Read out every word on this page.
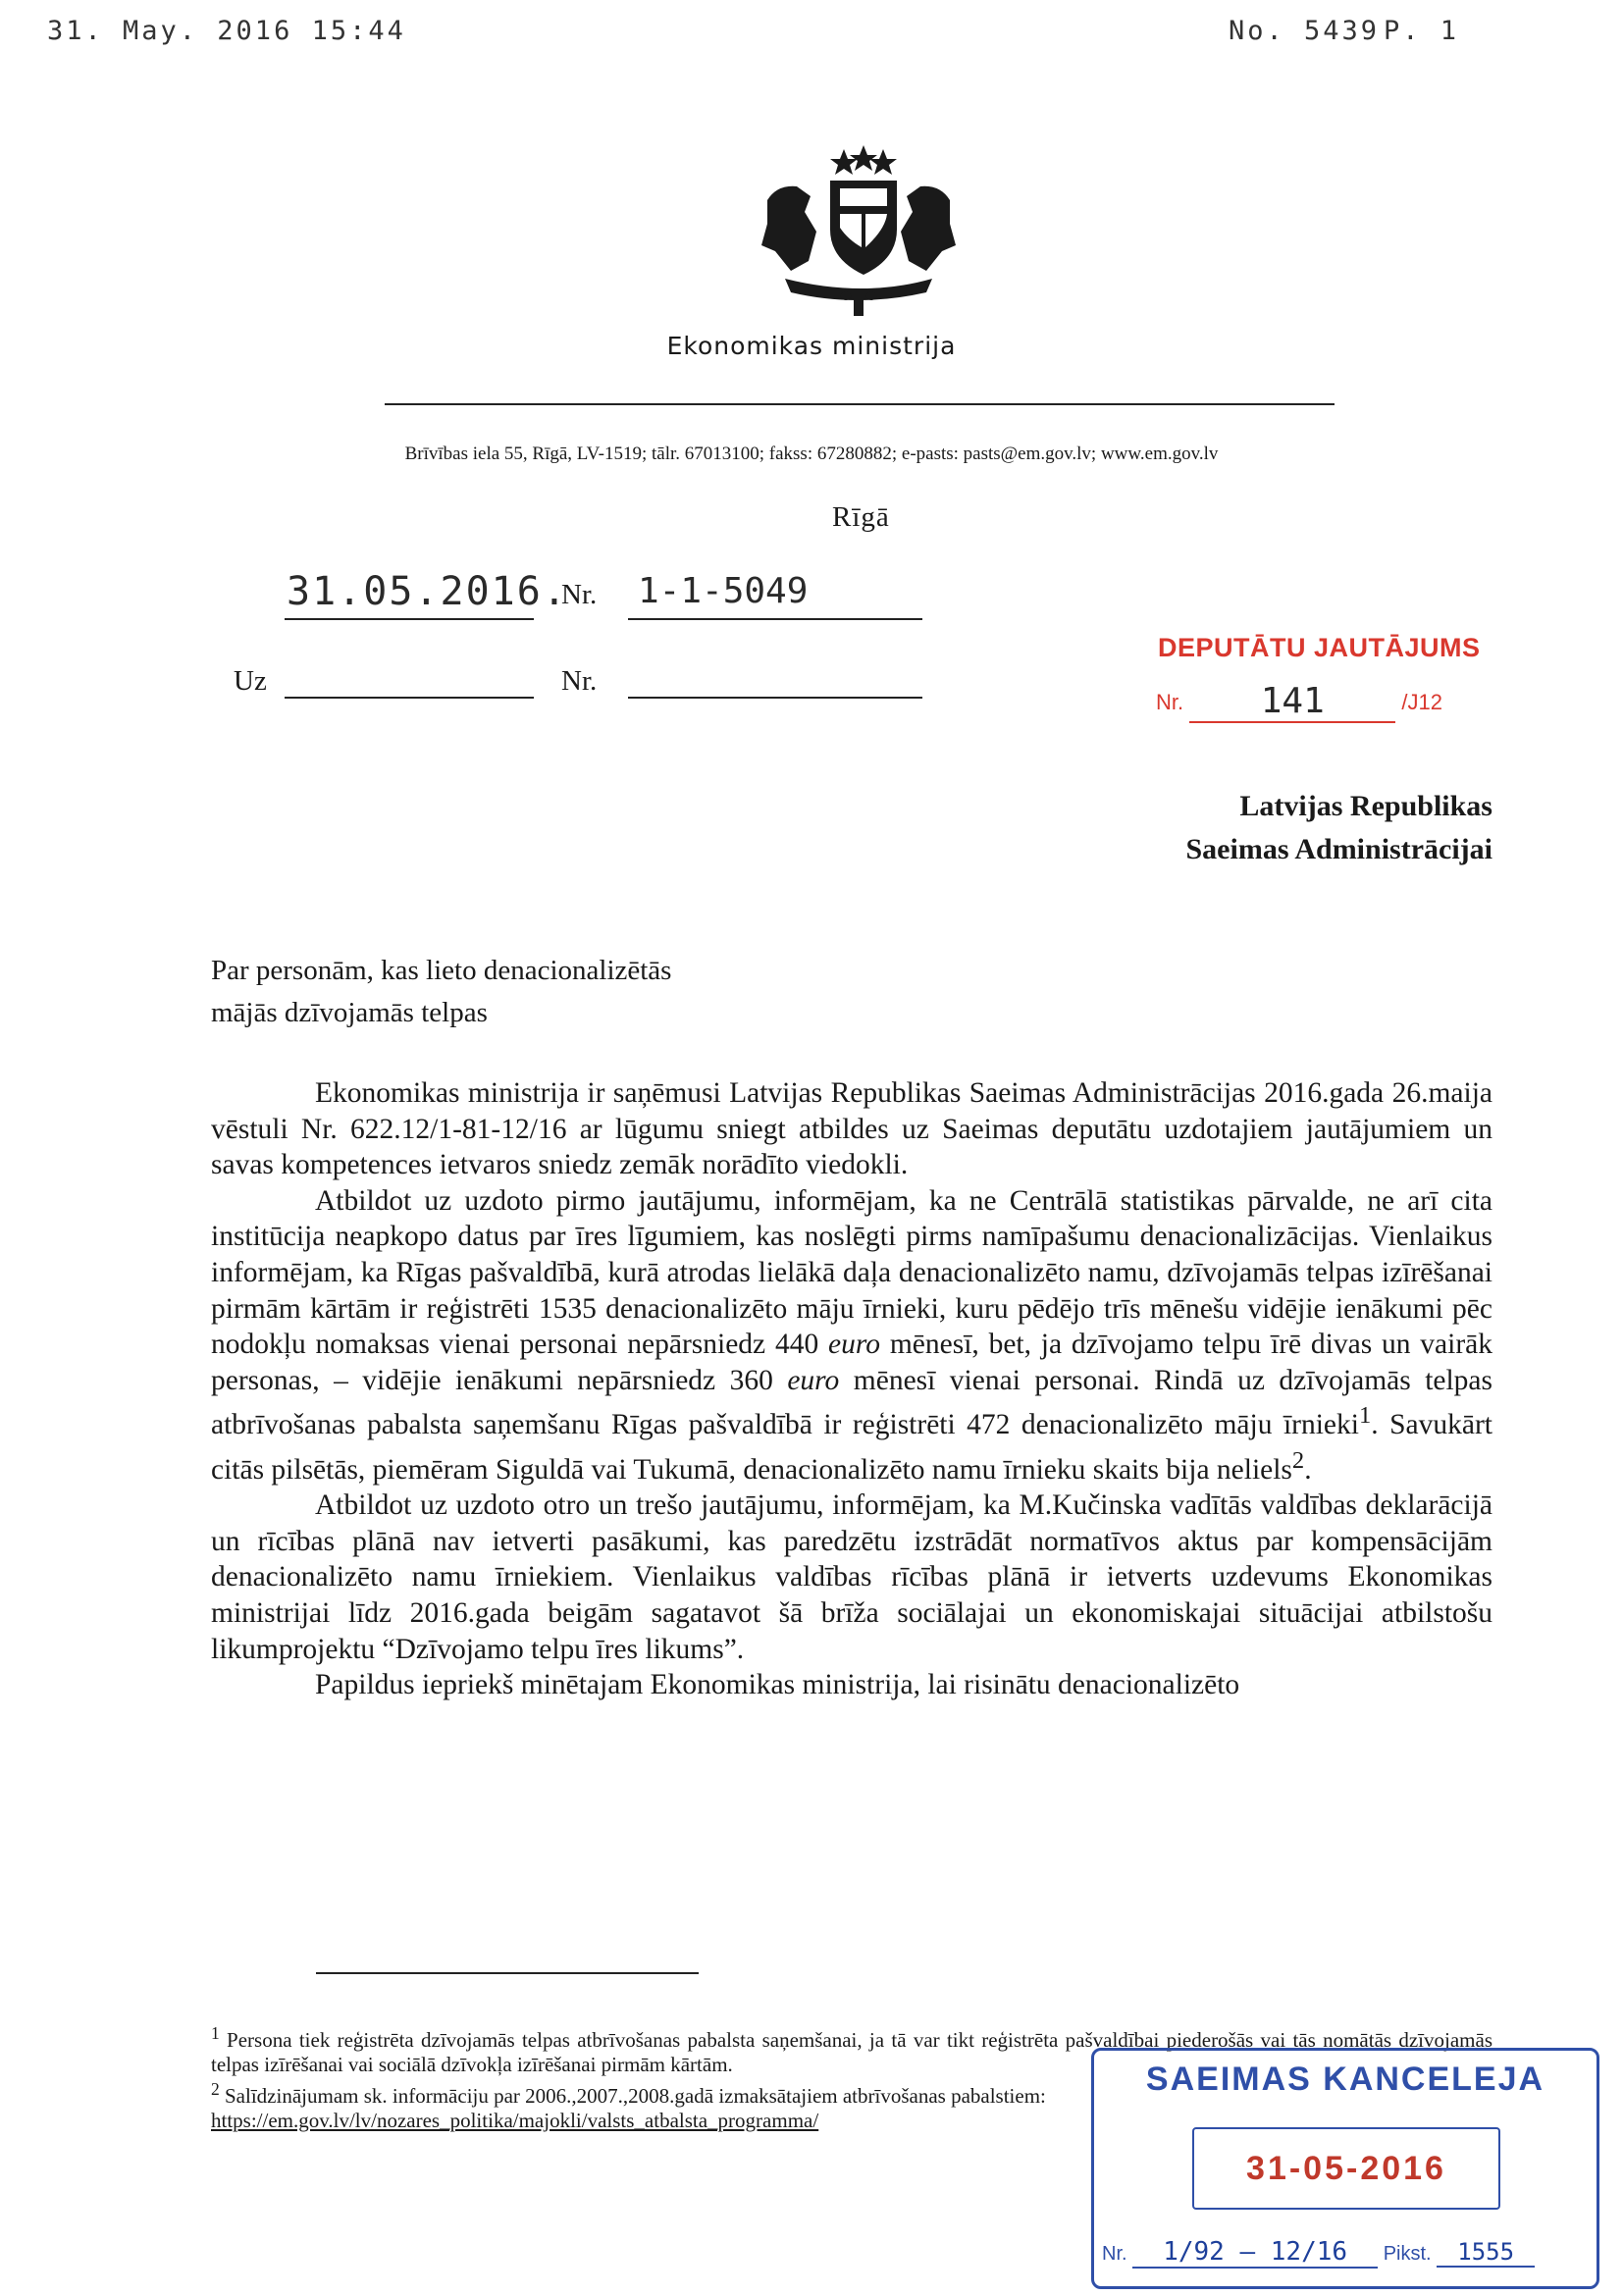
31. May. 2016 15:44	No. 5439 P. 1
Ekonomikas ministrija
Brīvības iela 55, Rīgā, LV-1519; tālr. 67013100; fakss: 67280882; e-pasts: pasts@em.gov.lv; www.em.gov.lv
Rīgā
31.05.2016.
Nr. 1-1-5049
Uz	Nr.
DEPUTĀTU JAUTĀJUMS
Nr. 141	/J12
Latvijas Republikas
Saeimas Administrācijai
Par personām, kas lieto denacionalizētās
mājās dzīvojamās telpas

Ekonomikas ministrija ir saņēmusi Latvijas Republikas Saeimas Administrācijas 2016.gada 26.maija vēstuli Nr. 622.12/1-81-12/16 ar lūgumu sniegt atbildes uz Saeimas deputātu uzdotajiem jautājumiem un savas kompetences ietvaros sniedz zemāk norādīto viedokli.

Atbildot uz uzdoto pirmo jautājumu, informējam, ka ne Centrālā statistikas pārvalde, ne arī cita institūcija neapkopo datus par īres līgumiem, kas noslēgti pirms namīpašumu denacionalizācijas. Vienlaikus informējam, ka Rīgas pašvaldībā, kurā atrodas lielākā daļa denacionalizēto namu, dzīvojamās telpas izīrēšanai pirmām kārtām ir reģistrēti 1535 denacionalizēto māju īrnieki, kuru pēdējo trīs mēnešu vidējie ienākumi pēc nodokļu nomaksas vienai personai nepārsniedz 440 euro mēnesī, bet, ja dzīvojamo telpu īrē divas un vairāk personas, – vidējie ienākumi nepārsniedz 360 euro mēnesī vienai personai. Rindā uz dzīvojamās telpas atbrīvošanas pabalsta saņemšanu Rīgas pašvaldībā ir reģistrēti 472 denacionalizēto māju īrnieki$^1$. Savukārt citās pilsētās, piemēram Siguldā vai Tukumā, denacionalizēto namu īrnieku skaits bija neliels$^2$.

Atbildot uz uzdoto otro un trešo jautājumu, informējam, ka M.Kučinska vadītās valdības deklarācijā un rīcības plānā nav ietverti pasākumi, kas paredzētu izstrādāt normatīvos aktus par kompensācijām denacionalizēto namu īrniekiem. Vienlaikus valdības rīcības plānā ir ietverts uzdevums Ekonomikas ministrijai līdz 2016.gada beigām sagatavot šā brīža sociālajai un ekonomiskajai situācijai atbilstošu likumprojektu “Dzīvojamo telpu īres likums”.

Papildus iepriekš minētajam Ekonomikas ministrija, lai risinātu denacionalizēto

$^1$ Persona tiek reģistrēta dzīvojamās telpas atbrīvošanas pabalsta saņemšanai, ja tā var tikt reģistrēta pašvaldībai piederošās vai tās nomātās dzīvojamās telpas izīrēšanai vai sociālā dzīvokļa izīrēšanai pirmām kārtām.

$^2$ Salīdzinājumam sk. informāciju par 2006.,2007.,2008.gadā izmaksātajiem atbrīvošanas pabalstiem:
https://em.gov.lv/lv/nozares_politika/majokli/valsts_atbalsta_programma/

SAEIMAS KANCELEJA
31-05-2016
Nr. 1/92 – 12/16 Pikst. 1555
